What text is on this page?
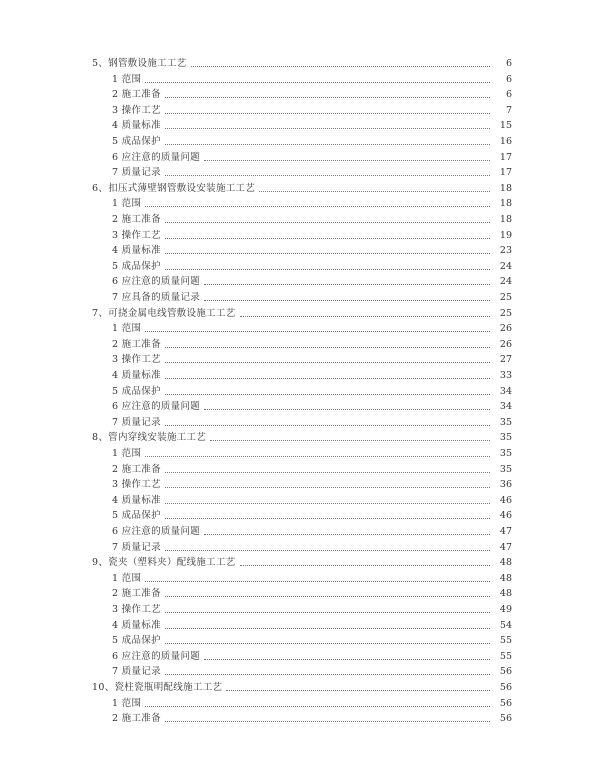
5、钢管敷设施工工艺	6
1 范围	6
2 施工准备	6
3 操作工艺	7
4 质量标准	15
5 成品保护	16
6 应注意的质量问题	17
7 质量记录	17
6、扣压式薄壁钢管敷设安装施工工艺	18
1 范围	18
2 施工准备	18
3 操作工艺	19
4 质量标准	23
5 成品保护	24
6 应注意的质量问题	24
7 应具备的质量记录	25
7、可挠金属电线管敷设施工工艺	25
1 范围	26
2 施工准备	26
3 操作工艺	27
4 质量标准	33
5 成品保护	34
6 应注意的质量问题	34
7 质量记录	35
8、管内穿线安装施工工艺	35
1 范围	35
2 施工准备	35
3 操作工艺	36
4 质量标准	46
5 成品保护	46
6 应注意的质量问题	47
7 质量记录	47
9、瓷夹（塑料夹）配线施工工艺	48
1 范围	48
2 施工准备	48
3 操作工艺	49
4 质量标准	54
5 成品保护	55
6 应注意的质量问题	55
7 质量记录	56
10、瓷柱瓷瓶明配线施工工艺	56
1 范围	56
2 施工准备	56
